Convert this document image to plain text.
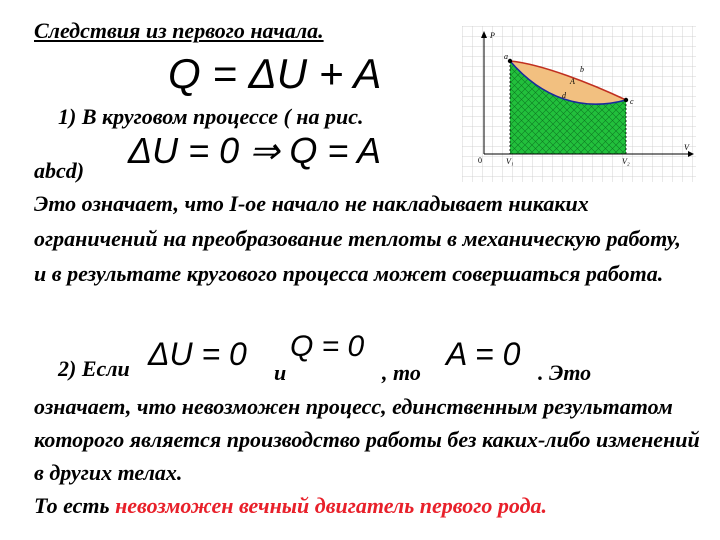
Следствия из первого начала.
Q = ΔU + A
1) В круговом процессе ( на рис.
abcd) ΔU = 0 ⇒ Q = A

Это означает, что I-ое начало не накладывает никаких ограничений на преобразование теплоты в механическую работу, и в результате кругового процесса может совершаться работа.

2) Если ΔU = 0
и
Q = 0
, то
A = 0
. Это

означает, что невозможен процесс, единственным результатом которого является производство работы без каких-либо изменений в других телах.
То есть невозможен вечный двигатель первого рода.

P
V
0
a
b
c
d
A
V₁	V₂
